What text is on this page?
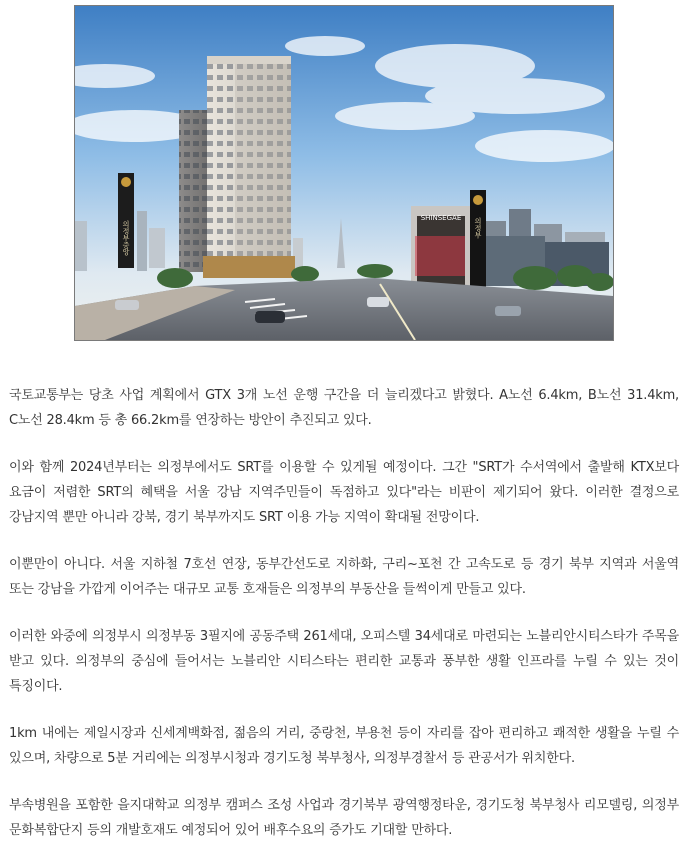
의정부중앙
SHINSEGAE 의정부

국토교통부는 당초 사업 계획에서 GTX 3개 노선 운행 구간을 더 늘리겠다고 밝혔다. A노선 6.4km, B노선 31.4km, C노선 28.4km 등 총 66.2km를 연장하는 방안이 추진되고 있다.

이와 함께 2024년부터는 의정부에서도 SRT를 이용할 수 있게될 예정이다. 그간 "SRT가 수서역에서 출발해 KTX보다 요금이 저렴한 SRT의 혜택을 서울 강남 지역주민들이 독점하고 있다"라는 비판이 제기되어 왔다. 이러한 결정으로 강남지역 뿐만 아니라 강북, 경기 북부까지도 SRT 이용 가능 지역이 확대될 전망이다.

이뿐만이 아니다. 서울 지하철 7호선 연장, 동부간선도로 지하화, 구리~포천 간 고속도로 등 경기 북부 지역과 서울역 또는 강남을 가깝게 이어주는 대규모 교통 호재들은 의정부의 부동산을 들썩이게 만들고 있다.

이러한 와중에 의정부시 의정부동 3필지에 공동주택 261세대, 오피스텔 34세대로 마련되는 노블리안시티스타가 주목을 받고 있다. 의정부의 중심에 들어서는 노블리안 시티스타는 편리한 교통과 풍부한 생활 인프라를 누릴 수 있는 것이 특징이다.

1km 내에는 제일시장과 신세계백화점, 젊음의 거리, 중랑천, 부용천 등이 자리를 잡아 편리하고 쾌적한 생활을 누릴 수 있으며, 차량으로 5분 거리에는 의정부시청과 경기도청 북부청사, 의정부경찰서 등 관공서가 위치한다.

부속병원을 포함한 을지대학교 의정부 캠퍼스 조성 사업과 경기북부 광역행정타운, 경기도청 북부청사 리모델링, 의정부 문화복합단지 등의 개발호재도 예정되어 있어 배후수요의 증가도 기대할 만하다.
